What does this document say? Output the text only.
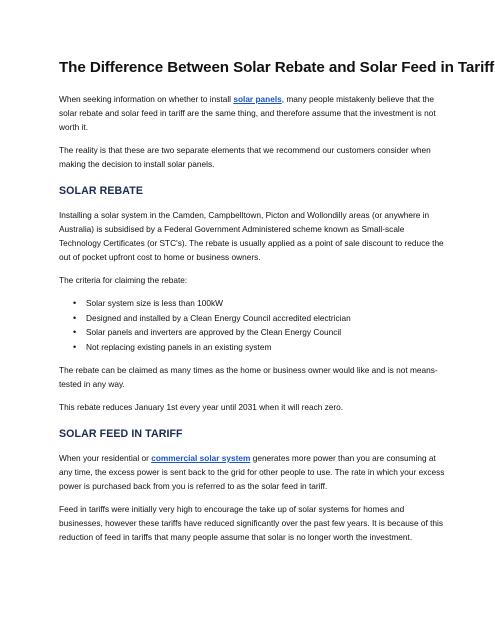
The Difference Between Solar Rebate and Solar Feed in Tariff

When seeking information on whether to install solar panels, many people mistakenly believe that the solar rebate and solar feed in tariff are the same thing, and therefore assume that the investment is not worth it.

The reality is that these are two separate elements that we recommend our customers consider when making the decision to install solar panels.

SOLAR REBATE

Installing a solar system in the Camden, Campbelltown, Picton and Wollondilly areas (or anywhere in Australia) is subsidised by a Federal Government Administered scheme known as Small-scale Technology Certificates (or STC's). The rebate is usually applied as a point of sale discount to reduce the out of pocket upfront cost to home or business owners.

The criteria for claiming the rebate:

• Solar system size is less than 100kW
• Designed and installed by a Clean Energy Council accredited electrician
• Solar panels and inverters are approved by the Clean Energy Council
• Not replacing existing panels in an existing system

The rebate can be claimed as many times as the home or business owner would like and is not means-tested in any way.

This rebate reduces January 1st every year until 2031 when it will reach zero.

SOLAR FEED IN TARIFF

When your residential or commercial solar system generates more power than you are consuming at any time, the excess power is sent back to the grid for other people to use. The rate in which your excess power is purchased back from you is referred to as the solar feed in tariff.

Feed in tariffs were initially very high to encourage the take up of solar systems for homes and businesses, however these tariffs have reduced significantly over the past few years. It is because of this reduction of feed in tariffs that many people assume that solar is no longer worth the investment.
